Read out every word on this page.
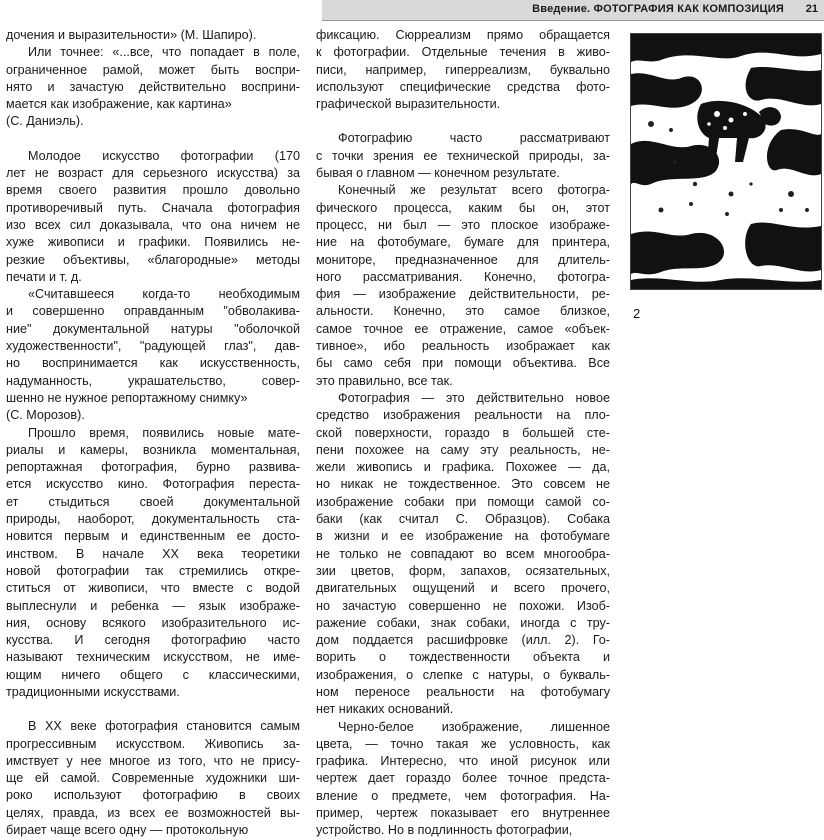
Введение. ФОТОГРАФИЯ КАК КОМПОЗИЦИЯ 21
дочения и выразительности» (М. Шапиро).
Или точнее: «...все, что попадает в поле,
ограниченное рамой, может быть воспри-
нято и зачастую действительно восприни-
мается как изображение, как картина»
(С. Даниэль).
Молодое искусство фотографии (170
лет не возраст для серьезного искусства) за
время своего развития прошло довольно
противоречивый путь. Сначала фотография
изо всех сил доказывала, что она ничем не
хуже живописи и графики. Появились не-
резкие объективы, «благородные» методы
печати и т. д.
«Считавшееся когда-то необходимым
и совершенно оправданным "обволакива-
ние" документальной натуры "оболочкой
художественности", "радующей глаз", дав-
но воспринимается как искусственность,
надуманность, украшательство, совер-
шенно не нужное репортажному снимку»
(С. Морозов).
Прошло время, появились новые мате-
риалы и камеры, возникла моментальная,
репортажная фотография, бурно развива-
ется искусство кино. Фотография переста-
ет стыдиться своей документальной
природы, наоборот, документальность ста-
новится первым и единственным ее досто-
инством. В начале XX века теоретики
новой фотографии так стремились откре-
ститься от живописи, что вместе с водой
выплеснули и ребенка — язык изображе-
ния, основу всякого изобразительного ис-
кусства. И сегодня фотографию часто
называют техническим искусством, не име-
ющим ничего общего с классическими,
традиционными искусствами.
В XX веке фотография становится самым
прогрессивным искусством. Живопись за-
имствует у нее многое из того, что не прису-
ще ей самой. Современные художники ши-
роко используют фотографию в своих
целях, правда, из всех ее возможностей вы-
бирает чаще всего одну — протокольную
фиксацию. Сюрреализм прямо обращается
к фотографии. Отдельные течения в живо-
писи, например, гиперреализм, буквально
используют специфические средства фото-
графической выразительности.
Фотографию часто рассматривают
с точки зрения ее технической природы, за-
бывая о главном — конечном результате.
Конечный же результат всего фотогра-
фического процесса, каким бы он, этот
процесс, ни был — это плоское изображе-
ние на фотобумаге, бумаге для принтера,
мониторе, предназначенное для длитель-
ного рассматривания. Конечно, фотогра-
фия — изображение действительности, ре-
альности. Конечно, это самое близкое,
самое точное ее отражение, самое «объек-
тивное», ибо реальность изображает как
бы само себя при помощи объектива. Все
это правильно, все так.
Фотография — это действительно новое
средство изображения реальности на пло-
ской поверхности, гораздо в большей сте-
пени похожее на саму эту реальность, не-
жели живопись и графика. Похожее — да,
но никак не тождественное. Это совсем не
изображение собаки при помощи самой со-
баки (как считал С. Образцов). Собака
в жизни и ее изображение на фотобумаге
не только не совпадают во всем многообра-
зии цветов, форм, запахов, осязательных,
двигательных ощущений и всего прочего,
но зачастую совершенно не похожи. Изоб-
ражение собаки, знак собаки, иногда с тру-
дом поддается расшифровке (илл. 2). Го-
ворить о тождественности объекта и
изображения, о слепке с натуры, о букваль-
ном переносе реальности на фотобумагу
нет никаких оснований.
Черно-белое изображение, лишенное
цвета, — точно такая же условность, как
графика. Интересно, что иной рисунок или
чертеж дает гораздо более точное предста-
вление о предмете, чем фотография. На-
пример, чертеж показывает его внутреннее
устройство. Но в подлинность фотографии,
2
